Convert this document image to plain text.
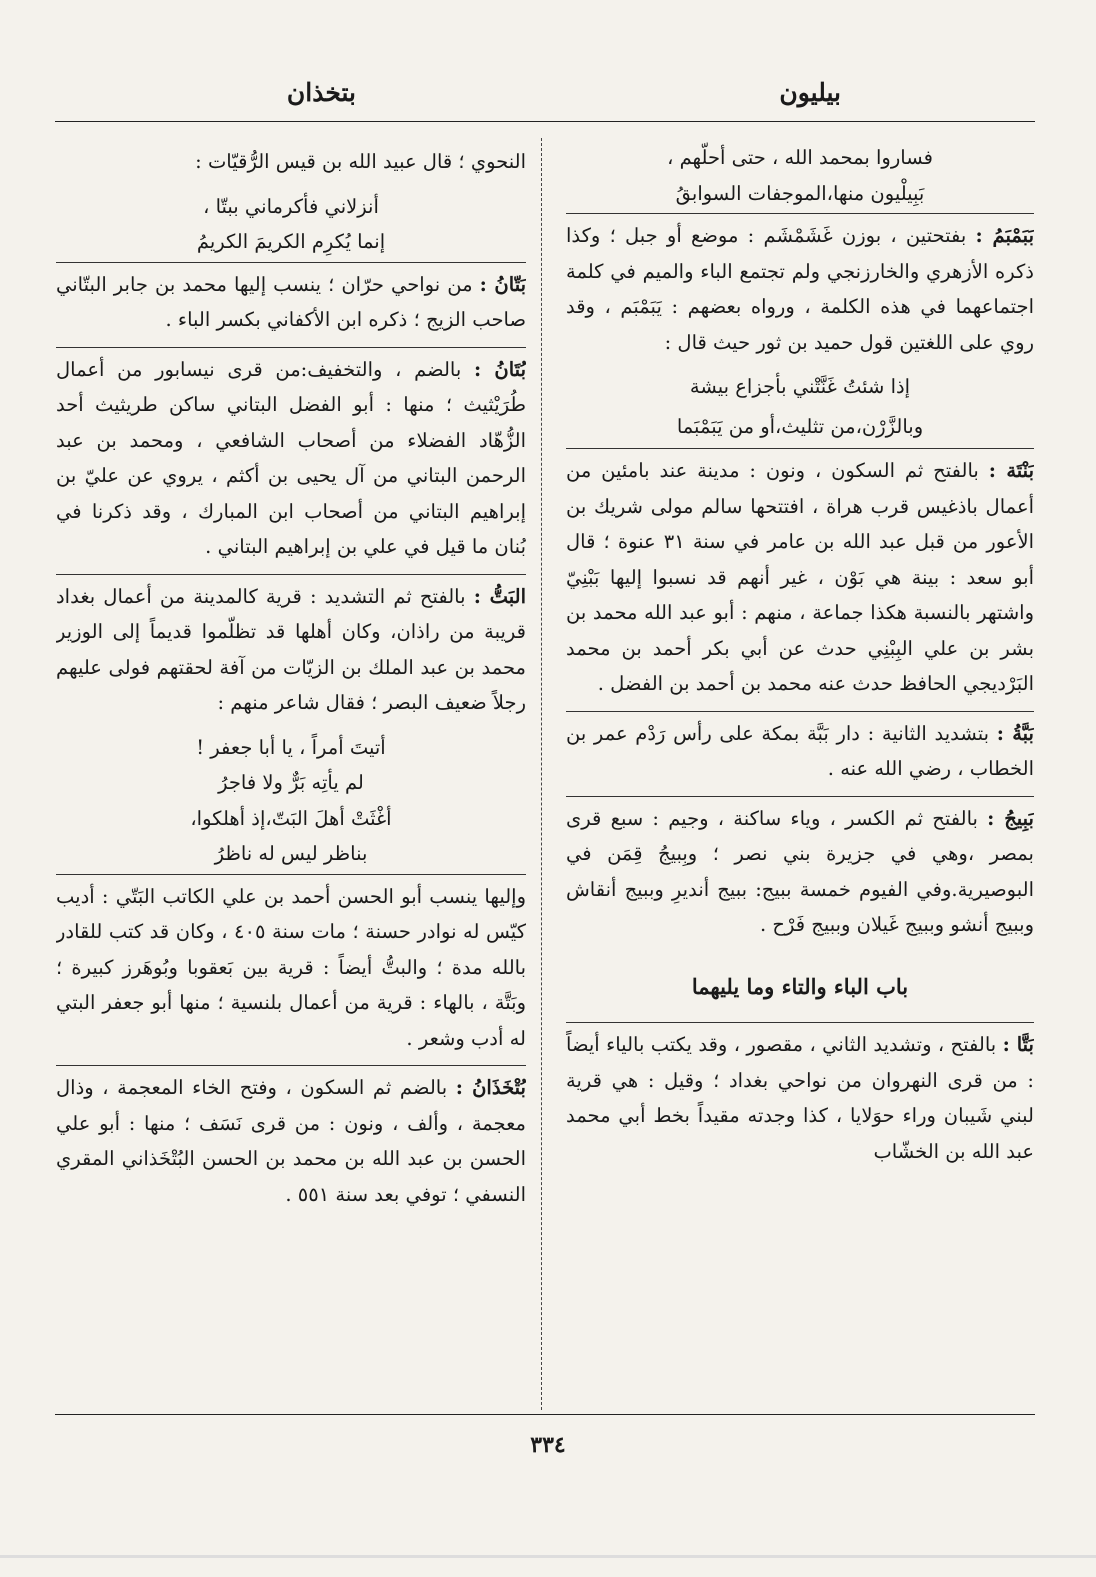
بيليون
بتخذان
فساروا بمحمد الله ، حتى أحلّهم ،
بَبِيلْيون منها،الموجفات السوابقُ
بَبَمْبَمُ : بفتحتين ، بوزن غَشَمْشَم : موضع أو جبل ؛ وكذا ذكره الأزهري والخارزنجي ولم تجتمع الباء والميم في كلمة اجتماعهما في هذه الكلمة ، ورواه بعضهم : يَبَمْبَم ، وقد روي على اللغتين قول حميد بن ثور حيث قال :
إذا شئتُ غَنَّتْني بأجزاع بيشة
وبالزَّرْن،من تثليث،أو من يَبَمْبَما
بَنْتَة : بالفتح ثم السكون ، ونون : مدينة عند بامئين من أعمال باذغيس قرب هراة ، افتتحها سالم مولى شريك بن الأعور من قبل عبد الله بن عامر في سنة ٣١ عنوة ؛ قال أبو سعد : بينة هي بَوْن ، غير أنهم قد نسبوا إليها بَبْنِيّ واشتهر بالنسبة هكذا جماعة ، منهم : أبو عبد الله محمد بن بشر بن علي البِبْنِي حدث عن أبي بكر أحمد بن محمد البَرْديجي الحافظ حدث عنه محمد بن أحمد بن الفضل .
بَبَّةُ : بتشديد الثانية : دار بَبَّة بمكة على رأس رَدْم عمر بن الخطاب ، رضي الله عنه .
بَبِيجُ : بالفتح ثم الكسر ، وياء ساكنة ، وجيم : سبع قرى بمصر ،وهي في جزيرة بني نصر ؛ وبِبيجُ قِمَن في البوصيرية.وفي الفيوم خمسة ببيج: ببيج أنديرِ وببيج أنقاش وببيج أنشو وببيج غَيلان وببيج فَرْح .
باب الباء والتاء وما يليهما
بَتَّا : بالفتح ، وتشديد الثاني ، مقصور ، وقد يكتب بالياء أيضاً : من قرى النهروان من نواحي بغداد ؛ وقيل : هي قرية لبني شَيبان وراء حوَلايا ، كذا وجدته مقيداً بخط أبي محمد عبد الله بن الخشّاب
النحوي ؛ قال عبيد الله بن قيس الرُّقيّات :
أنزلاني فأكرماني ببتّا ،
إنما يُكرِم الكريمَ الكريمُ
بَتّانُ : من نواحي حرّان ؛ ينسب إليها محمد بن جابر البتّاني صاحب الزيج ؛ ذكره ابن الأكفاني بكسر الباء .
بُتَانُ : بالضم ، والتخفيف:من قرى نيسابور من أعمال طُرَيْثيث ؛ منها : أبو الفضل البتاني ساكن طريثيث أحد الزُّهّاد الفضلاء من أصحاب الشافعي ، ومحمد بن عبد الرحمن البتاني من آل يحيى بن أكثم ، يروي عن عليّ بن إبراهيم البتاني من أصحاب ابن المبارك ، وقد ذكرنا في بُنان ما قيل في علي بن إبراهيم البتاني .
البَتُّ : بالفتح ثم التشديد : قرية كالمدينة من أعمال بغداد قريبة من راذان، وكان أهلها قد تظلّموا قديماً إلى الوزير محمد بن عبد الملك بن الزيّات من آفة لحقتهم فولى عليهم رجلاً ضعيف البصر ؛ فقال شاعر منهم :
أتيتَ أمراً ، يا أبا جعفر !
لم يأتِه بَرٌّ ولا فاجرُ
أغْثَتْ أهلَ البَتّ،إذ أهلكوا،
بناظر ليس له ناظرُ
وإليها ينسب أبو الحسن أحمد بن علي الكاتب البَتّي : أديب كيّس له نوادر حسنة ؛ مات سنة ٤٠٥ ، وكان قد كتب للقادر بالله مدة ؛ والبتُّ أيضاً : قرية بين بَعقوبا وبُوهَرز كبيرة ؛ وبَتَّة ، بالهاء : قرية من أعمال بلنسية ؛ منها أبو جعفر البتي له أدب وشعر .
بُتْخَذَانُ : بالضم ثم السكون ، وفتح الخاء المعجمة ، وذال معجمة ، وألف ، ونون : من قرى نَسَف ؛ منها : أبو علي الحسن بن عبد الله بن محمد بن الحسن البُتْخَذاني المقري النسفي ؛ توفي بعد سنة ٥٥١ .
٣٣٤
